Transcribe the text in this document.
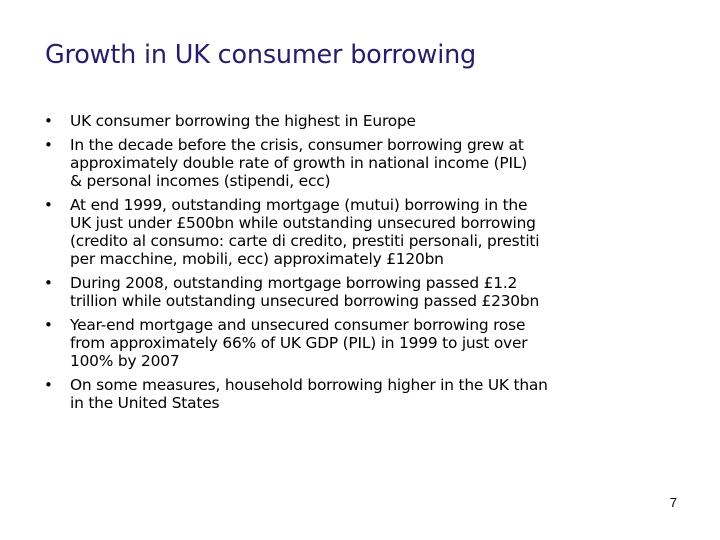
Growth in UK consumer borrowing
• UK consumer borrowing the highest in Europe
• In the decade before the crisis, consumer borrowing grew at
approximately double rate of growth in national income (PIL)
& personal incomes (stipendi, ecc)
• At end 1999, outstanding mortgage (mutui) borrowing in the
UK just under £500bn while outstanding unsecured borrowing
(credito al consumo: carte di credito, prestiti personali, prestiti
per macchine, mobili, ecc) approximately £120bn
• During 2008, outstanding mortgage borrowing passed £1.2
trillion while outstanding unsecured borrowing passed £230bn
• Year-end mortgage and unsecured consumer borrowing rose
from approximately 66% of UK GDP (PIL) in 1999 to just over
100% by 2007
• On some measures, household borrowing higher in the UK than
in the United States
7
